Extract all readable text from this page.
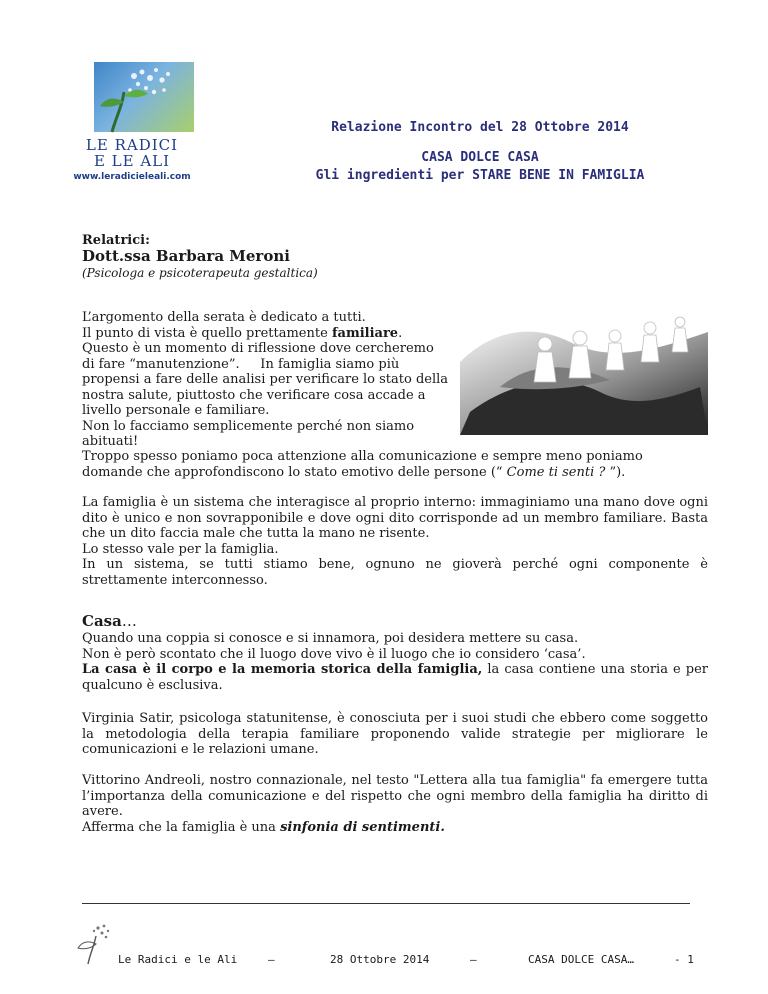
LE RADICI
E LE ALI
www.leradicieleali.com
Relazione Incontro del 28 Ottobre 2014
CASA DOLCE CASA
Gli ingredienti per STARE BENE IN FAMIGLIA
Relatrici:
Dott.ssa Barbara Meroni
(Psicologa e psicoterapeuta gestaltica)
L’argomento della serata è dedicato a tutti.
Il punto di vista è quello prettamente familiare.
Questo è un momento di riflessione dove cercheremo
di fare “manutenzione”.     In famiglia siamo più
propensi a fare delle analisi per verificare lo stato della
nostra salute, piuttosto che verificare cosa accade a
livello personale e familiare.
Non lo facciamo semplicemente perché non siamo
abituati!
Troppo spesso poniamo poca attenzione alla comunicazione e sempre meno poniamo
domande che approfondiscono lo stato emotivo delle persone (“ Come ti senti ? ”).
La famiglia è un sistema che interagisce al proprio interno: immaginiamo una mano dove ogni dito è unico e non sovrapponibile e dove ogni dito corrisponde ad un membro familiare. Basta che un dito faccia male che tutta la mano ne risente.
Lo stesso vale per la famiglia.
In un sistema, se tutti stiamo bene, ognuno ne gioverà perché ogni componente è strettamente interconnesso.
Casa…
Quando una coppia si conosce e si innamora, poi desidera mettere su casa.
Non è però scontato che il luogo dove vivo è il luogo che io considero ‘casa’.
La casa è il corpo e la memoria storica della famiglia, la casa contiene una storia e per qualcuno è esclusiva.
Virginia Satir, psicologa statunitense, è conosciuta per i suoi studi che ebbero come soggetto la metodologia della terapia familiare proponendo valide strategie per migliorare le comunicazioni e le relazioni umane.
Vittorino Andreoli, nostro connazionale, nel testo "Lettera alla tua famiglia" fa emergere tutta l’importanza della comunicazione e del rispetto che ogni membro della famiglia ha diritto di avere.
Afferma che la famiglia è una sinfonia di sentimenti.
Le Radici e le Ali	–	28 Ottobre 2014	–	CASA DOLCE CASA…	- 1
